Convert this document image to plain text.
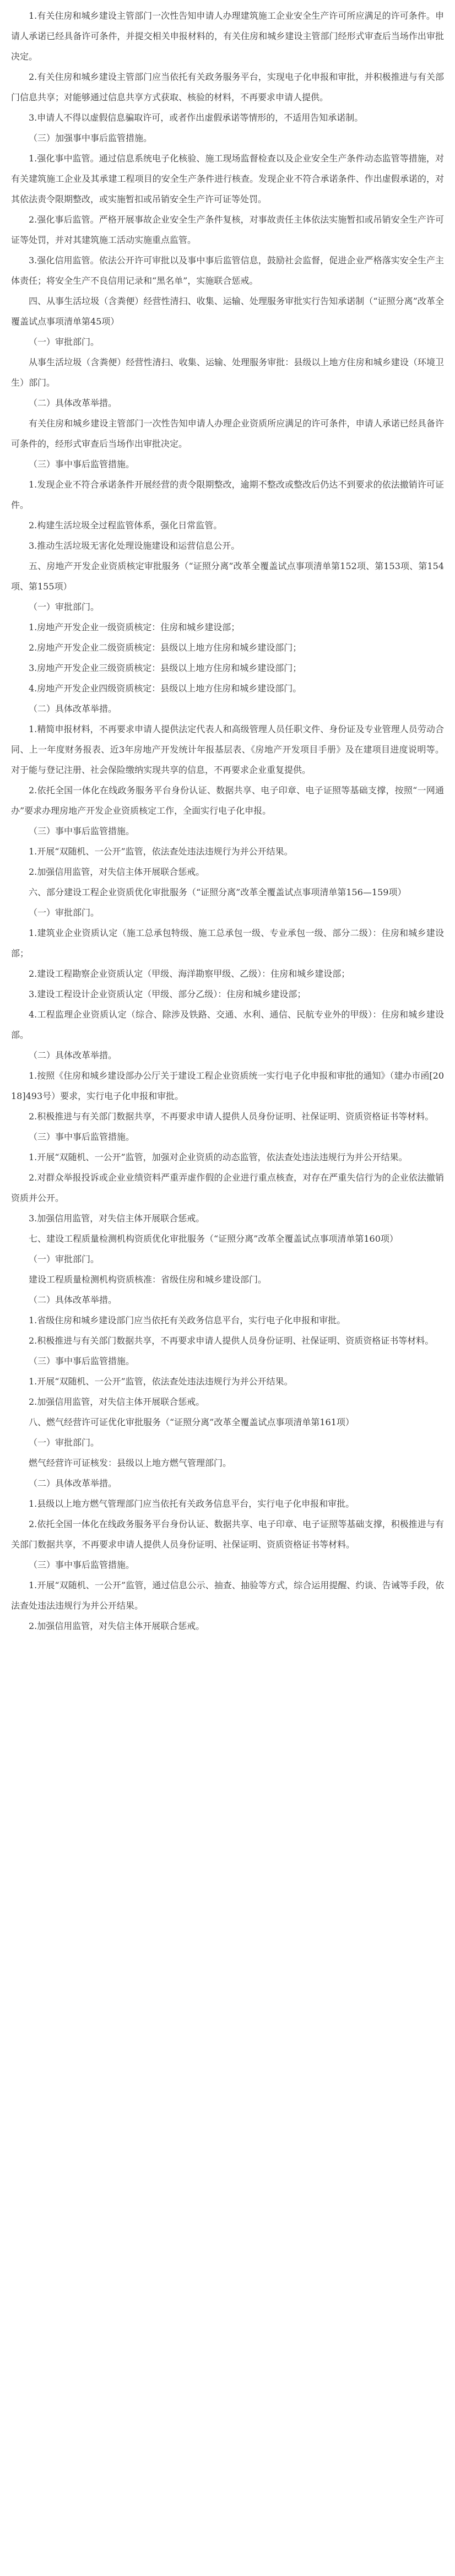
1.有关住房和城乡建设主管部门一次性告知申请人办理建筑施工企业安全生产许可所应满足的许可条件。申请人承诺已经具备许可条件，并提交相关申报材料的，有关住房和城乡建设主管部门经形式审查后当场作出审批决定。

2.有关住房和城乡建设主管部门应当依托有关政务服务平台，实现电子化申报和审批，并积极推进与有关部门信息共享；对能够通过信息共享方式获取、核验的材料，不再要求申请人提供。

3.申请人不得以虚假信息骗取许可，或者作出虚假承诺等情形的，不适用告知承诺制。

（三）加强事中事后监管措施。

1.强化事中监管。通过信息系统电子化核验、施工现场监督检查以及企业安全生产条件动态监管等措施，对有关建筑施工企业及其承建工程项目的安全生产条件进行核查。发现企业不符合承诺条件、作出虚假承诺的，对其依法责令限期整改，或实施暂扣或吊销安全生产许可证等处罚。

2.强化事后监管。严格开展事故企业安全生产条件复核，对事故责任主体依法实施暂扣或吊销安全生产许可证等处罚，并对其建筑施工活动实施重点监管。

3.强化信用监管。依法公开许可审批以及事中事后监管信息，鼓励社会监督，促进企业严格落实安全生产主体责任；将安全生产不良信用记录和“黑名单”，实施联合惩戒。

四、从事生活垃圾（含粪便）经营性清扫、收集、运输、处理服务审批实行告知承诺制（“证照分离”改革全覆盖试点事项清单第45项）

（一）审批部门。

从事生活垃圾（含粪便）经营性清扫、收集、运输、处理服务审批：县级以上地方住房和城乡建设（环境卫生）部门。

（二）具体改革举措。

有关住房和城乡建设主管部门一次性告知申请人办理企业资质所应满足的许可条件，申请人承诺已经具备许可条件的，经形式审查后当场作出审批决定。

（三）事中事后监管措施。

1.发现企业不符合承诺条件开展经营的责令限期整改，逾期不整改或整改后仍达不到要求的依法撤销许可证件。

2.构建生活垃圾全过程监管体系，强化日常监管。

3.推动生活垃圾无害化处理设施建设和运营信息公开。

五、房地产开发企业资质核定审批服务（“证照分离”改革全覆盖试点事项清单第152项、第153项、第154项、第155项）

（一）审批部门。

1.房地产开发企业一级资质核定：住房和城乡建设部；

2.房地产开发企业二级资质核定：县级以上地方住房和城乡建设部门；

3.房地产开发企业三级资质核定：县级以上地方住房和城乡建设部门；

4.房地产开发企业四级资质核定：县级以上地方住房和城乡建设部门。

（二）具体改革举措。

1.精简申报材料，不再要求申请人提供法定代表人和高级管理人员任职文件、身份证及专业管理人员劳动合同、上一年度财务报表、近3年房地产开发统计年报基层表、《房地产开发项目手册》及在建项目进度说明等。对于能与登记注册、社会保险缴纳实现共享的信息，不再要求企业重复提供。

2.依托全国一体化在线政务服务平台身份认证、数据共享、电子印章、电子证照等基础支撑，按照“一网通办”要求办理房地产开发企业资质核定工作，全面实行电子化申报。

（三）事中事后监管措施。

1.开展“双随机、一公开”监管，依法查处违法违规行为并公开结果。

2.加强信用监管，对失信主体开展联合惩戒。

六、部分建设工程企业资质优化审批服务（“证照分离”改革全覆盖试点事项清单第156—159项）

（一）审批部门。

1.建筑业企业资质认定（施工总承包特级、施工总承包一级、专业承包一级、部分二级）：住房和城乡建设部；

2.建设工程勘察企业资质认定（甲级、海洋勘察甲级、乙级）：住房和城乡建设部；

3.建设工程设计企业资质认定（甲级、部分乙级）：住房和城乡建设部；

4.工程监理企业资质认定（综合、除涉及铁路、交通、水利、通信、民航专业外的甲级）：住房和城乡建设部。

（二）具体改革举措。

1.按照《住房和城乡建设部办公厅关于建设工程企业资质统一实行电子化申报和审批的通知》（建办市函[2018]493号）要求，实行电子化申报和审批。

2.积极推进与有关部门数据共享，不再要求申请人提供人员身份证明、社保证明、资质资格证书等材料。

（三）事中事后监管措施。

1.开展“双随机、一公开”监管，加强对企业资质的动态监管，依法查处违法违规行为并公开结果。

2.对群众举报投诉或企业业绩资料严重弄虚作假的企业进行重点核查，对存在严重失信行为的企业依法撤销资质并公开。

3.加强信用监管，对失信主体开展联合惩戒。

七、建设工程质量检测机构资质优化审批服务（“证照分离”改革全覆盖试点事项清单第160项）

（一）审批部门。

建设工程质量检测机构资质核准：省级住房和城乡建设部门。

（二）具体改革举措。

1.省级住房和城乡建设部门应当依托有关政务信息平台，实行电子化申报和审批。

2.积极推进与有关部门数据共享，不再要求申请人提供人员身份证明、社保证明、资质资格证书等材料。

（三）事中事后监管措施。

1.开展“双随机、一公开”监管，依法查处违法违规行为并公开结果。

2.加强信用监管，对失信主体开展联合惩戒。

八、燃气经营许可证优化审批服务（“证照分离”改革全覆盖试点事项清单第161项）

（一）审批部门。

燃气经营许可证核发：县级以上地方燃气管理部门。

（二）具体改革举措。

1.县级以上地方燃气管理部门应当依托有关政务信息平台，实行电子化申报和审批。

2.依托全国一体化在线政务服务平台身份认证、数据共享、电子印章、电子证照等基础支撑，积极推进与有关部门数据共享，不再要求申请人提供人员身份证明、社保证明、资质资格证书等材料。

（三）事中事后监管措施。

1.开展“双随机、一公开”监管，通过信息公示、抽查、抽验等方式，综合运用提醒、约谈、告诫等手段，依法查处违法违规行为并公开结果。

2.加强信用监管，对失信主体开展联合惩戒。
